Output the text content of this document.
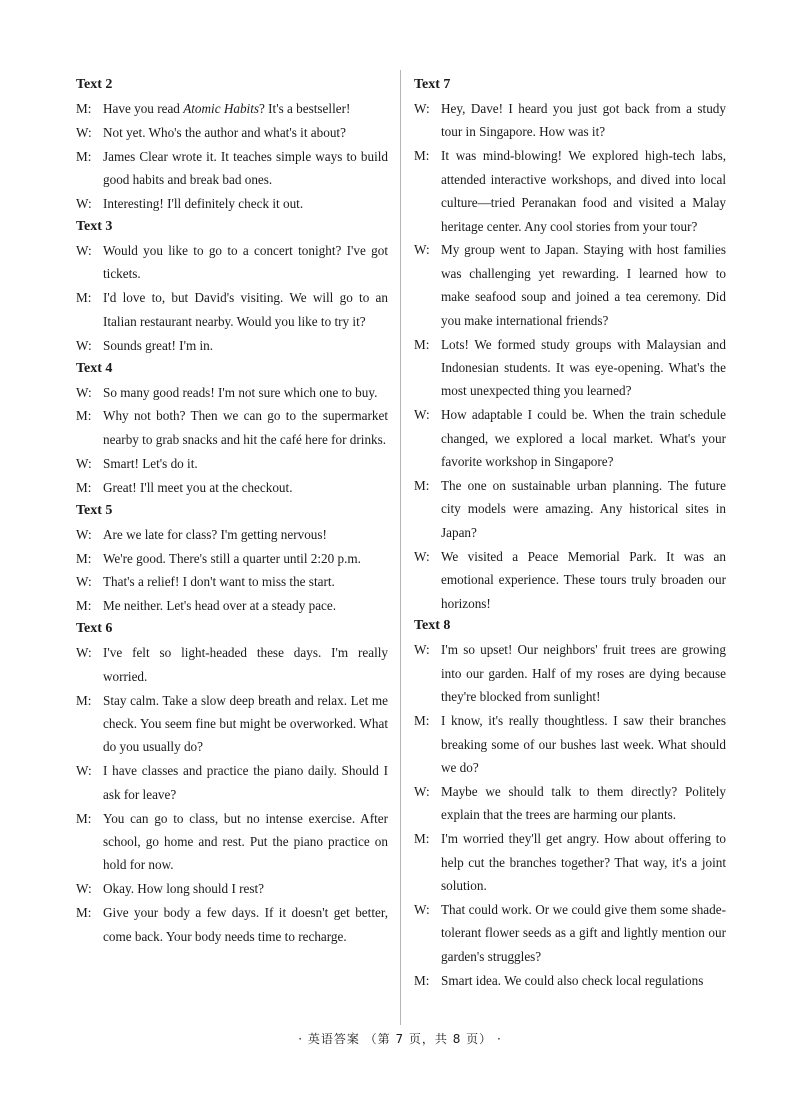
Text 2
M: Have you read Atomic Habits? It's a bestseller!
W: Not yet. Who's the author and what's it about?
M: James Clear wrote it. It teaches simple ways to build good habits and break bad ones.
W: Interesting! I'll definitely check it out.
Text 3
W: Would you like to go to a concert tonight? I've got tickets.
M: I'd love to, but David's visiting. We will go to an Italian restaurant nearby. Would you like to try it?
W: Sounds great! I'm in.
Text 4
W: So many good reads! I'm not sure which one to buy.
M: Why not both? Then we can go to the supermarket nearby to grab snacks and hit the café here for drinks.
W: Smart! Let's do it.
M: Great! I'll meet you at the checkout.
Text 5
W: Are we late for class? I'm getting nervous!
M: We're good. There's still a quarter until 2:20 p.m.
W: That's a relief! I don't want to miss the start.
M: Me neither. Let's head over at a steady pace.
Text 6
W: I've felt so light-headed these days. I'm really worried.
M: Stay calm. Take a slow deep breath and relax. Let me check. You seem fine but might be overworked. What do you usually do?
W: I have classes and practice the piano daily. Should I ask for leave?
M: You can go to class, but no intense exercise. After school, go home and rest. Put the piano practice on hold for now.
W: Okay. How long should I rest?
M: Give your body a few days. If it doesn't get better, come back. Your body needs time to recharge.
Text 7
W: Hey, Dave! I heard you just got back from a study tour in Singapore. How was it?
M: It was mind-blowing! We explored high-tech labs, attended interactive workshops, and dived into local culture—tried Peranakan food and visited a Malay heritage center. Any cool stories from your tour?
W: My group went to Japan. Staying with host families was challenging yet rewarding. I learned how to make seafood soup and joined a tea ceremony. Did you make international friends?
M: Lots! We formed study groups with Malaysian and Indonesian students. It was eye-opening. What's the most unexpected thing you learned?
W: How adaptable I could be. When the train schedule changed, we explored a local market. What's your favorite workshop in Singapore?
M: The one on sustainable urban planning. The future city models were amazing. Any historical sites in Japan?
W: We visited a Peace Memorial Park. It was an emotional experience. These tours truly broaden our horizons!
Text 8
W: I'm so upset! Our neighbors' fruit trees are growing into our garden. Half of my roses are dying because they're blocked from sunlight!
M: I know, it's really thoughtless. I saw their branches breaking some of our bushes last week. What should we do?
W: Maybe we should talk to them directly? Politely explain that the trees are harming our plants.
M: I'm worried they'll get angry. How about offering to help cut the branches together? That way, it's a joint solution.
W: That could work. Or we could give them some shade-tolerant flower seeds as a gift and lightly mention our garden's struggles?
M: Smart idea. We could also check local regulations
· 英语答案 （第 7 页，共 8 页） ·
